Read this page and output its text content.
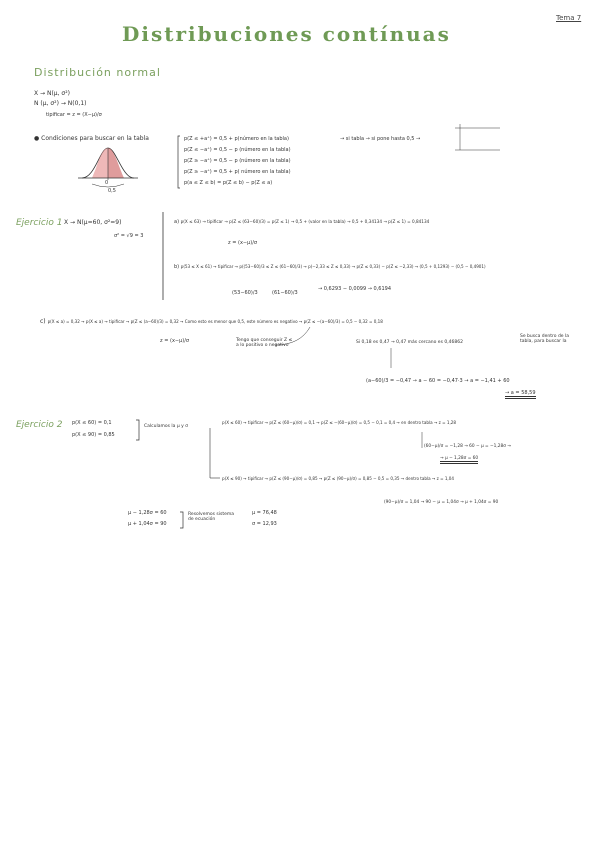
Distribuciones contínuas
Tema 7
Distribución normal
X → N(μ, σ²)
N (μ, σ²) → N(0,1)
tipificar = z = (X−μ)/σ
● Condiciones para buscar en la tabla
0,5
0
p(Z ≤ +a⁺) = 0,5 + p(número en la tabla)
p(Z ≤ −a⁺) = 0,5 − p (número en la tabla)
p(Z ≥ −a⁺) = 0,5 − p (número en la tabla)
p(Z ≥ −a⁺) = 0,5 + p( número en la tabla)
p(a ≤ Z ≤ b) = p(Z ≤ b) − p(Z ≤ a)
→ si tabla → si pone hasta 0,5 →
Ejercicio 1 X → N(μ=60, σ²=9)
σ² = √9 = 3
a) p(X ≤ 63) → tipificar → p(Z ≤ (63−60)/3) = p(Z ≤ 1) → 0,5 + (valor en la tabla) → 0,5 + 0,34134 → p(Z ≤ 1) = 0,84134
z = (x−μ)/σ
b) p(53 ≤ X ≤ 61) → tipificar → p((53−60)/3 ≤ Z ≤ (61−60)/3) → p(−2,33 ≤ Z ≤ 0,33) → p(Z ≤ 0,33) − p(Z ≤ −2,33) → (0,5 + 0,1293) − (0,5 − 0,4901)
(53−60)/3	(61−60)/3
→ 0,6293 − 0,0099 → 0,6194
c) p(X ≤ a) = 0,32 → p(X ≤ a) → tipificar → p(Z ≤ (a−60)/3) = 0,32 → Como esto es menor que 0,5, este número es negativo → p(Z ≤ −(a−60)/3) = 0,5 − 0,32 = 0,18
z = (x−μ)/σ	Tengo que conseguir Z ≤ a lo positivo o negativo
Se busca dentro de la tabla, para buscar la
Si 0,18 es 0,47 → 0,47 más cercano es 0,46862
(a−60)/3 = −0,47 → a − 60 = −0,47·3 → a = −1,41 + 60
→ a = 58,59
Ejercicio 2 p(X ≤ 60) = 0,1
p(X ≤ 90) = 0,85
Calculamos la μ y σ
p(X ≤ 60) → tipificar → p(Z ≤ (60−μ)/σ) = 0,1 → p(Z ≤ −(60−μ)/σ) = 0,5 − 0,1 = 0,4 → en dentro tabla → z = 1,28
(60−μ)/σ = −1,28 → 60 − μ = −1,28σ →
→ μ − 1,28σ = 60
p(X ≤ 90) → tipificar → p(Z ≤ (90−μ)/σ) = 0,85 → p(Z ≤ (90−μ)/σ) = 0,85 − 0,5 = 0,35 → dentro tabla → z = 1,04
(90−μ)/σ = 1,04 → 90 − μ = 1,04σ → μ + 1,04σ = 90
μ − 1,28σ = 60
μ + 1,04σ = 90
Resolvemos sistema de ecuación
μ = 76,48
σ = 12,93
